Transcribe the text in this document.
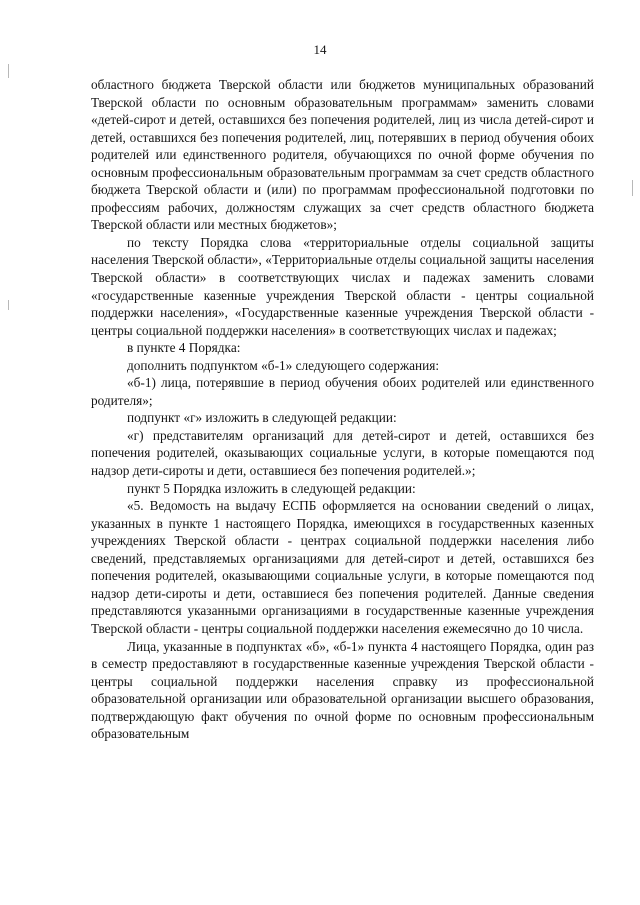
14

областного бюджета Тверской области или бюджетов муниципальных образований Тверской области по основным образовательным программам» заменить словами «детей-сирот и детей, оставшихся без попечения родителей, лиц из числа детей-сирот и детей, оставшихся без попечения родителей, лиц, потерявших в период обучения обоих родителей или единственного родителя, обучающихся по очной форме обучения по основным профессиональным образовательным программам за счет средств областного бюджета Тверской области и (или) по программам профессиональной подготовки по профессиям рабочих, должностям служащих за счет средств областного бюджета Тверской области или местных бюджетов»;

по тексту Порядка слова «территориальные отделы социальной защиты населения Тверской области», «Территориальные отделы социальной защиты населения Тверской области» в соответствующих числах и падежах заменить словами «государственные казенные учреждения Тверской области - центры социальной поддержки населения», «Государственные казенные учреждения Тверской области - центры социальной поддержки населения» в соответствующих числах и падежах;

в пункте 4 Порядка:

дополнить подпунктом «б-1» следующего содержания:

«б-1) лица, потерявшие в период обучения обоих родителей или единственного родителя»;

подпункт «г» изложить в следующей редакции:

«г) представителям организаций для детей-сирот и детей, оставшихся без попечения родителей, оказывающих социальные услуги, в которые помещаются под надзор дети-сироты и дети, оставшиеся без попечения родителей.»;

пункт 5 Порядка изложить в следующей редакции:

«5. Ведомость на выдачу ЕСПБ оформляется на основании сведений о лицах, указанных в пункте 1 настоящего Порядка, имеющихся в государственных казенных учреждениях Тверской области - центрах социальной поддержки населения либо сведений, представляемых организациями для детей-сирот и детей, оставшихся без попечения родителей, оказывающими социальные услуги, в которые помещаются под надзор дети-сироты и дети, оставшиеся без попечения родителей. Данные сведения представляются указанными организациями в государственные казенные учреждения Тверской области - центры социальной поддержки населения ежемесячно до 10 числа.

Лица, указанные в подпунктах «б», «б-1» пункта 4 настоящего Порядка, один раз в семестр предоставляют в государственные казенные учреждения Тверской области - центры социальной поддержки населения справку из профессиональной образовательной организации или образовательной организации высшего образования, подтверждающую факт обучения по очной форме по основным профессиональным образовательным
